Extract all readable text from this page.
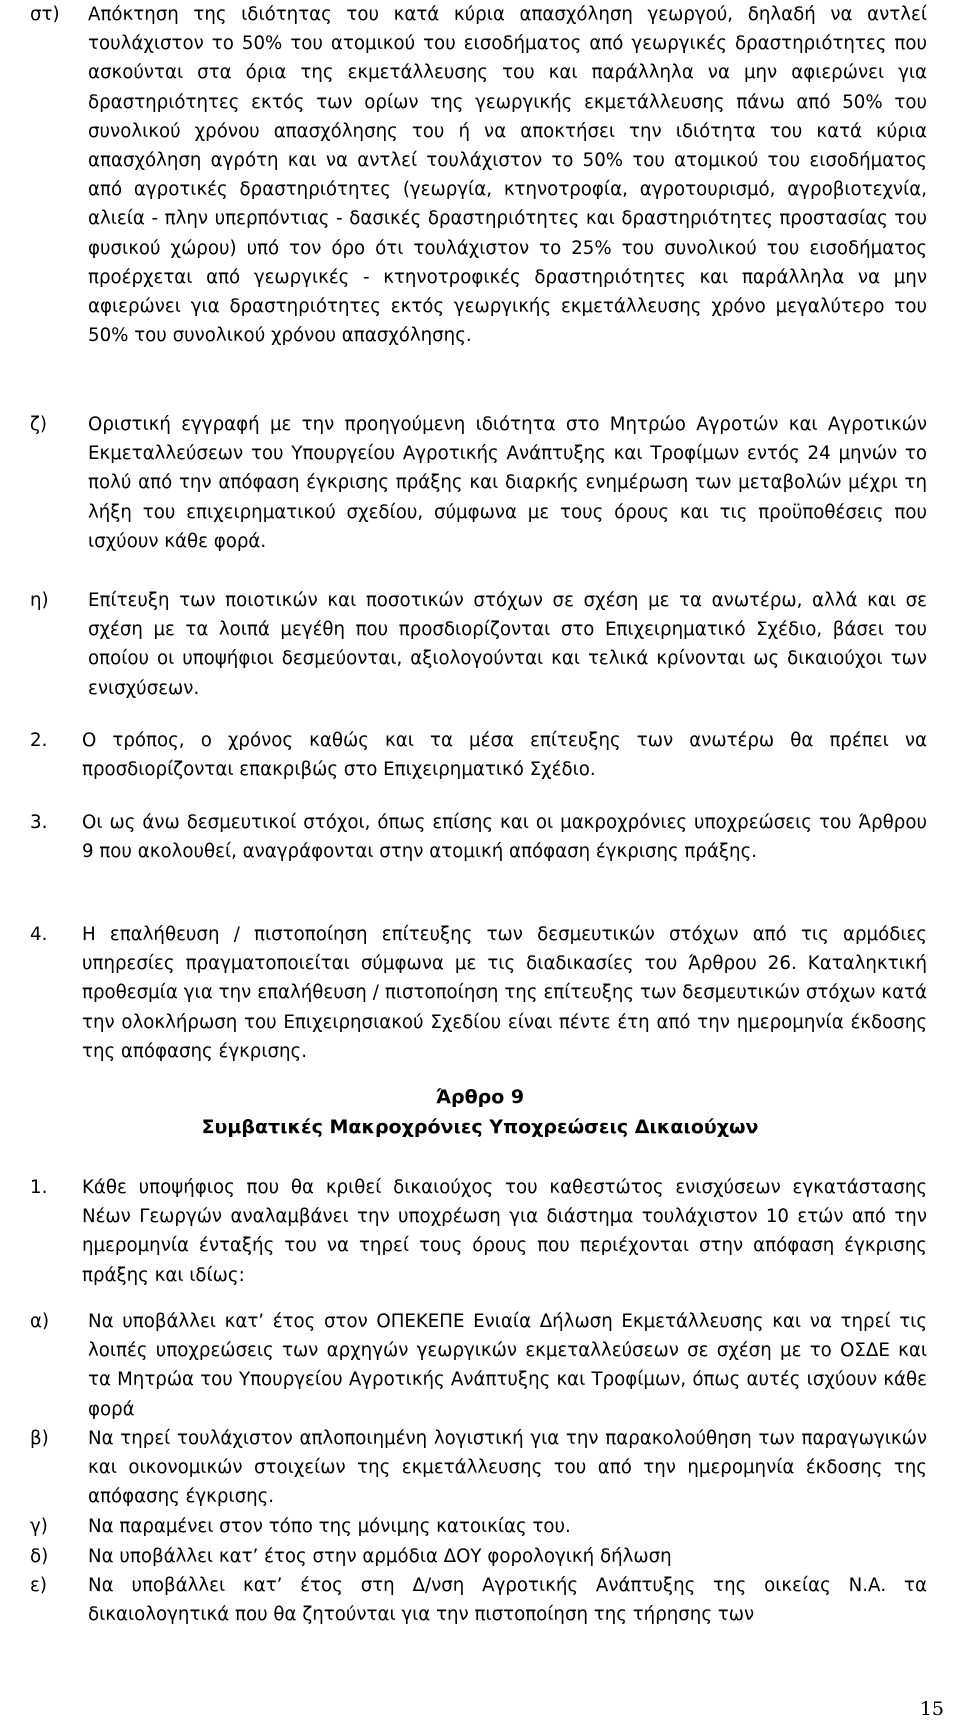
στ) Απόκτηση της ιδιότητας του κατά κύρια απασχόληση γεωργού, δηλαδή να αντλεί τουλάχιστον το 50% του ατομικού του εισοδήματος από γεωργικές δραστηριότητες που ασκούνται στα όρια της εκμετάλλευσης του και παράλληλα να μην αφιερώνει για δραστηριότητες εκτός των ορίων της γεωργικής εκμετάλλευσης πάνω από 50% του συνολικού χρόνου απασχόλησης του ή να αποκτήσει την ιδιότητα του κατά κύρια απασχόληση αγρότη και να αντλεί τουλάχιστον το 50% του ατομικού του εισοδήματος από αγροτικές δραστηριότητες (γεωργία, κτηνοτροφία, αγροτουρισμό, αγροβιοτεχνία, αλιεία - πλην υπερπόντιας - δασικές δραστηριότητες και δραστηριότητες προστασίας του φυσικού χώρου) υπό τον όρο ότι τουλάχιστον το 25% του συνολικού του εισοδήματος προέρχεται από γεωργικές - κτηνοτροφικές δραστηριότητες και παράλληλα να μην αφιερώνει για δραστηριότητες εκτός γεωργικής εκμετάλλευσης χρόνο μεγαλύτερο του 50% του συνολικού χρόνου απασχόλησης.
ζ) Οριστική εγγραφή με την προηγούμενη ιδιότητα στο Μητρώο Αγροτών και Αγροτικών Εκμεταλλεύσεων του Υπουργείου Αγροτικής Ανάπτυξης και Τροφίμων εντός 24 μηνών το πολύ από την απόφαση έγκρισης πράξης και διαρκής ενημέρωση των μεταβολών μέχρι τη λήξη του επιχειρηματικού σχεδίου, σύμφωνα με τους όρους και τις προϋποθέσεις που ισχύουν κάθε φορά.
η) Επίτευξη των ποιοτικών και ποσοτικών στόχων σε σχέση με τα ανωτέρω, αλλά και σε σχέση με τα λοιπά μεγέθη που προσδιορίζονται στο Επιχειρηματικό Σχέδιο, βάσει του οποίου οι υποψήφιοι δεσμεύονται, αξιολογούνται και τελικά κρίνονται ως δικαιούχοι των ενισχύσεων.
2. Ο τρόπος, ο χρόνος καθώς και τα μέσα επίτευξης των ανωτέρω θα πρέπει να προσδιορίζονται επακριβώς στο Επιχειρηματικό Σχέδιο.
3. Οι ως άνω δεσμευτικοί στόχοι, όπως επίσης και οι μακροχρόνιες υποχρεώσεις του Άρθρου 9 που ακολουθεί, αναγράφονται στην ατομική απόφαση έγκρισης πράξης.
4. Η επαλήθευση / πιστοποίηση επίτευξης των δεσμευτικών στόχων από τις αρμόδιες υπηρεσίες πραγματοποιείται σύμφωνα με τις διαδικασίες του Άρθρου 26. Καταληκτική προθεσμία για την επαλήθευση / πιστοποίηση της επίτευξης των δεσμευτικών στόχων κατά την ολοκλήρωση του Επιχειρησιακού Σχεδίου είναι πέντε έτη από την ημερομηνία έκδοσης της απόφασης έγκρισης.
Άρθρο 9
Συμβατικές Μακροχρόνιες Υποχρεώσεις Δικαιούχων
1. Κάθε υποψήφιος που θα κριθεί δικαιούχος του καθεστώτος ενισχύσεων εγκατάστασης Νέων Γεωργών αναλαμβάνει την υποχρέωση για διάστημα τουλάχιστον 10 ετών από την ημερομηνία ένταξής του να τηρεί τους όρους που περιέχονται στην απόφαση έγκρισης πράξης και ιδίως:
α) Να υποβάλλει κατ’ έτος στον ΟΠΕΚΕΠΕ Ενιαία Δήλωση Εκμετάλλευσης και να τηρεί τις λοιπές υποχρεώσεις των αρχηγών γεωργικών εκμεταλλεύσεων σε σχέση με το ΟΣΔΕ και τα Μητρώα του Υπουργείου Αγροτικής Ανάπτυξης και Τροφίμων, όπως αυτές ισχύουν κάθε φορά
β) Να τηρεί τουλάχιστον απλοποιημένη λογιστική για την παρακολούθηση των παραγωγικών και οικονομικών στοιχείων της εκμετάλλευσης του από την ημερομηνία έκδοσης της απόφασης έγκρισης.
γ) Να παραμένει στον τόπο της μόνιμης κατοικίας του.
δ) Να υποβάλλει κατ’ έτος στην αρμόδια ΔΟΥ φορολογική δήλωση
ε) Να υποβάλλει κατ’ έτος στη Δ/νση Αγροτικής Ανάπτυξης της οικείας Ν.Α. τα δικαιολογητικά που θα ζητούνται για την πιστοποίηση της τήρησης των
15
